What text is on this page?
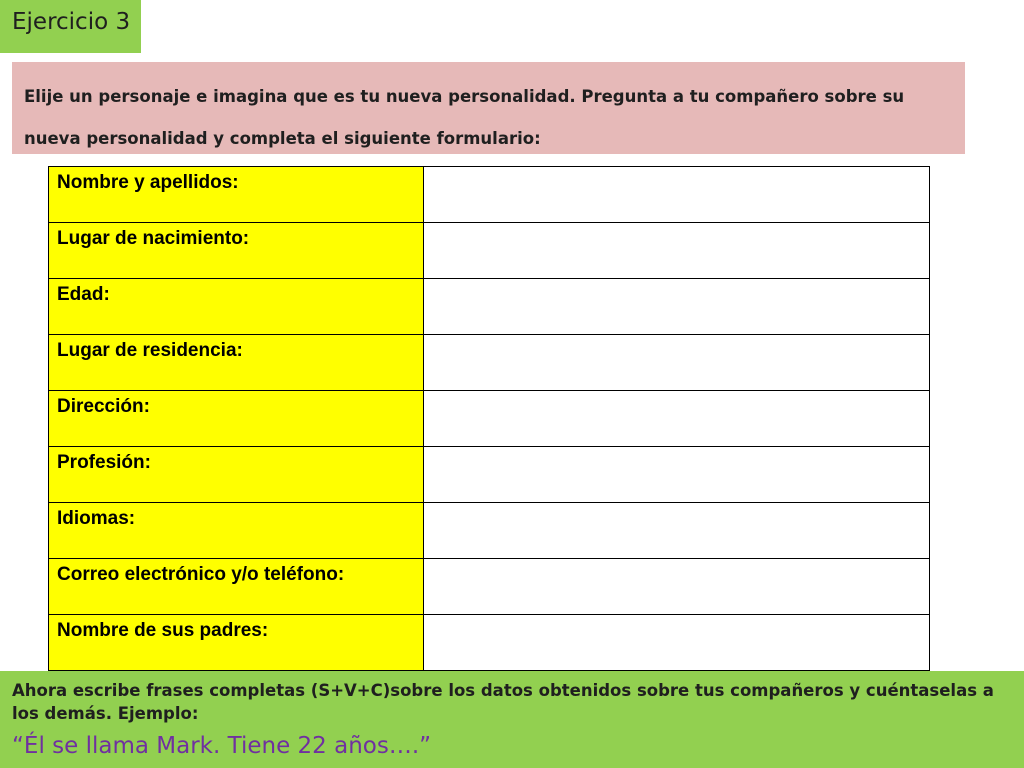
Ejercicio 3
Elije un personaje e imagina que es tu nueva personalidad. Pregunta a tu compañero sobre su
nueva personalidad y completa el siguiente formulario:
Nombre y apellidos:	

Lugar de nacimiento:	

Edad:	

Lugar de residencia:	

Dirección:	

Profesión:	

Idiomas:	

Correo electrónico y/o teléfono:	

Nombre de sus padres:	

Ahora escribe frases completas (S+V+C)sobre los datos obtenidos sobre tus compañeros y cuéntaselas a los demás. Ejemplo:
“Él se llama Mark. Tiene 22 años….”
